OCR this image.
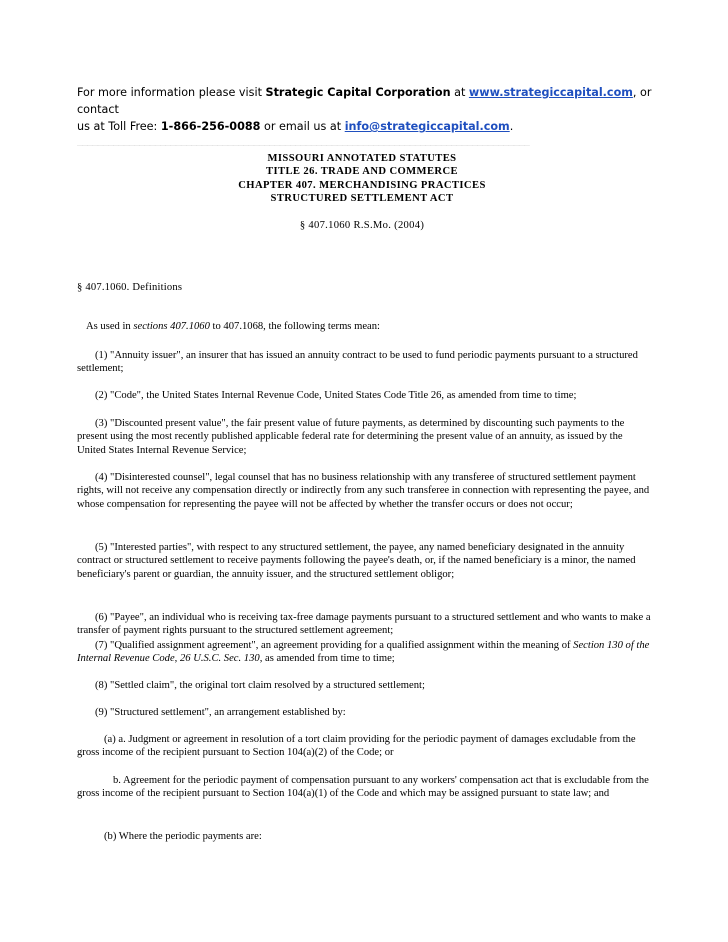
For more information please visit Strategic Capital Corporation at www.strategiccapital.com, or contact
us at Toll Free: 1-866-256-0088 or email us at info@strategiccapital.com.
_______________________________________________________________________________________
MISSOURI ANNOTATED STATUTES
TITLE 26. TRADE AND COMMERCE
CHAPTER 407. MERCHANDISING PRACTICES
STRUCTURED SETTLEMENT ACT
§ 407.1060 R.S.Mo. (2004)
§ 407.1060. Definitions

As used in sections 407.1060 to 407.1068, the following terms mean:

(1) "Annuity issuer", an insurer that has issued an annuity contract to be used to fund periodic payments pursuant to a structured settlement;

(2) "Code", the United States Internal Revenue Code, United States Code Title 26, as amended from time to time;

(3) "Discounted present value", the fair present value of future payments, as determined by discounting such payments to the present using the most recently published applicable federal rate for determining the present value of an annuity, as issued by the United States Internal Revenue Service;

(4) "Disinterested counsel", legal counsel that has no business relationship with any transferee of structured settlement payment rights, will not receive any compensation directly or indirectly from any such transferee in connection with representing the payee, and whose compensation for representing the payee will not be affected by whether the transfer occurs or does not occur;

(5) "Interested parties", with respect to any structured settlement, the payee, any named beneficiary designated in the annuity contract or structured settlement to receive payments following the payee's death, or, if the named beneficiary is a minor, the named beneficiary's parent or guardian, the annuity issuer, and the structured settlement obligor;

(6) "Payee", an individual who is receiving tax-free damage payments pursuant to a structured settlement and who wants to make a transfer of payment rights pursuant to the structured settlement agreement;

(7) "Qualified assignment agreement", an agreement providing for a qualified assignment within the meaning of Section 130 of the Internal Revenue Code, 26 U.S.C. Sec. 130, as amended from time to time;

(8) "Settled claim", the original tort claim resolved by a structured settlement;

(9) "Structured settlement", an arrangement established by:

(a) a. Judgment or agreement in resolution of a tort claim providing for the periodic payment of damages excludable from the gross income of the recipient pursuant to Section 104(a)(2) of the Code; or

b. Agreement for the periodic payment of compensation pursuant to any workers' compensation act that is excludable from the gross income of the recipient pursuant to Section 104(a)(1) of the Code and which may be assigned pursuant to state law; and

(b) Where the periodic payments are:
